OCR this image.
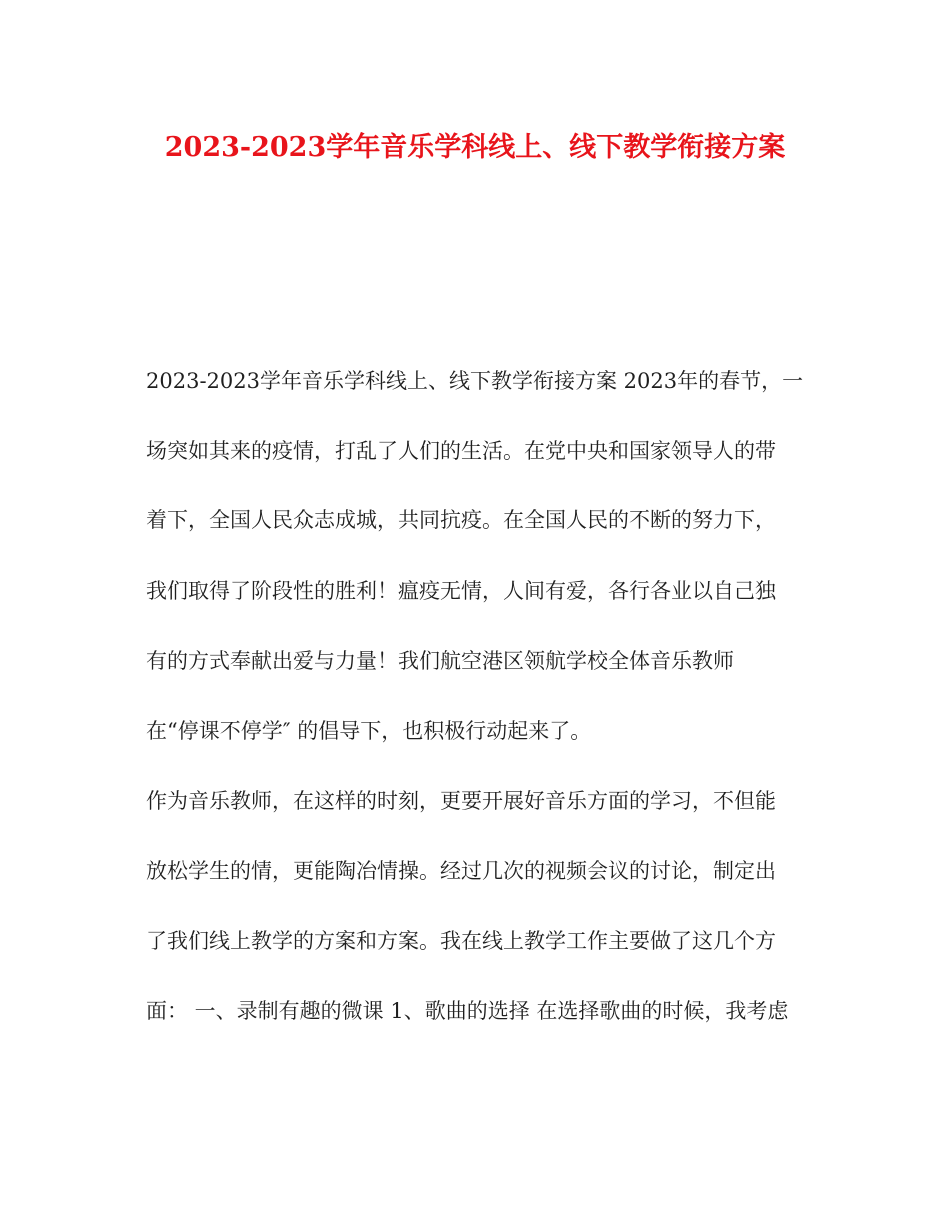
2023-2023学年音乐学科线上、线下教学衔接方案
2023-2023学年音乐学科线上、线下教学衔接方案 2023年的春节，一
场突如其来的疫情，打乱了人们的生活。在党中央和国家领导人的带
着下，全国人民众志成城，共同抗疫。在全国人民的不断的努力下，
我们取得了阶段性的胜利！瘟疫无情，人间有爱，各行各业以自己独
有的方式奉献出爱与力量！我们航空港区领航学校全体音乐教师
在“停课不停学″ 的倡导下，也积极行动起来了。
作为音乐教师，在这样的时刻，更要开展好音乐方面的学习，不但能
放松学生的情，更能陶冶情操。经过几次的视频会议的讨论，制定出
了我们线上教学的方案和方案。我在线上教学工作主要做了这几个方
面： 一、录制有趣的微课 1、歌曲的选择 在选择歌曲的时候，我考虑
